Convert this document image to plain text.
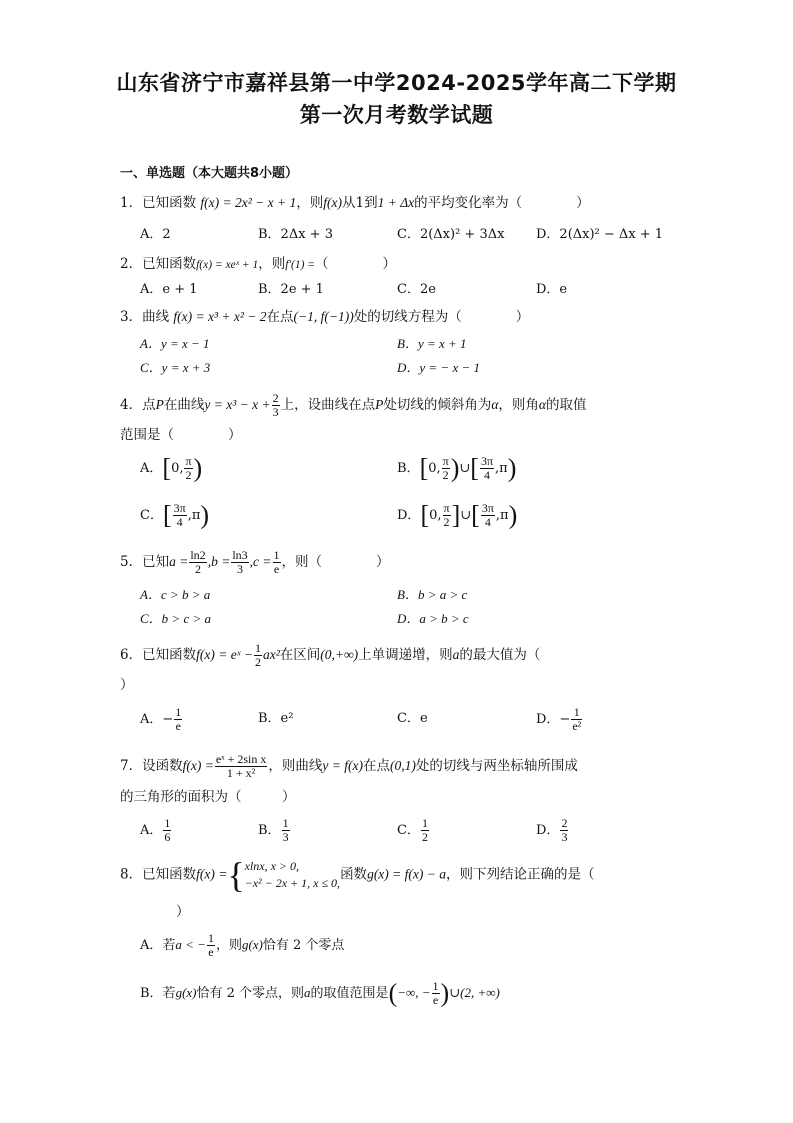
山东省济宁市嘉祥县第一中学2024-2025学年高二下学期
第一次月考数学试题
一、单选题（本大题共8小题）
1．已知函数 f(x) = 2x² − x + 1，则f(x)从1到1 + Δx的平均变化率为（　　　　）
A．2	B．2Δx + 3	C．2(Δx)² + 3Δx D．2(Δx)² − Δx + 1
2．已知函数f(x) = xeˣ + 1，则f′(1) =（　　　　）
A．e + 1	B．2e + 1	C．2e	D．e
3．曲线 f(x) = x³ + x² − 2在点(−1, f(−1))处的切线方程为（　　　　）
A．y = x − 1	B．y = x + 1
C．y = x + 3	D．y = − x − 1
4．点P在曲线$y = x^3 - x + \frac{2}{3}$ 上，设曲线在点P处切线的倾斜角为α，则角α的取值
范围是（　　　　）
A．[0, $\frac{\pi}{2}$ )	B．[0, $\frac{\pi}{2}$ )∪[ $\frac{3\pi}{4} ,\pi$)
C．[ $\frac{3\pi}{4} ,\pi$)	D．[0, $\frac{\pi}{2}$ ]∪[ $\frac{3\pi}{4} ,\pi$)
5．已知$a = \frac{\ln 2}{2} ,b = \frac{\ln 3}{3} ,c = \frac{1}{e}$ ，则（　　　　）
A．c > b > a	B．b > a > c
C．b > c > a	D．a > b > c
6．已知函数f(x) = eˣ − $\frac{1}{2} ax^2$在区间(0,+∞)上单调递增，则a的最大值为（
）
A．− $\frac{1}{e}$	B．e²	C．e	D．− $\frac{1}{\text{e²}}$
7．设函数$f(x) = \frac{\text{eˣ + 2sin x}}{\text{1 + x²}}$ ，则曲线y = f(x)在点(0,1)处的切线与两坐标轴所围成
的三角形的面积为（　　　）
A． $\frac{1}{6}$	B． $\frac{1}{3}$	C． $\frac{1}{2}$	D． $\frac{2}{3}$
8．已知函数f(x) ={ xlnx, x > 0,
−x² − 2x + 1, x ≤ 0,
函数g(x) = f(x) − a，则下列结论正确的是（
）
A．若a < − $\frac{1}{e}$ ，则g(x)恰有 2 个零点
B．若g(x)恰有 2 个零点，则a的取值范围是(−∞, − $\frac{1}{e}$ )∪(2, +∞)
